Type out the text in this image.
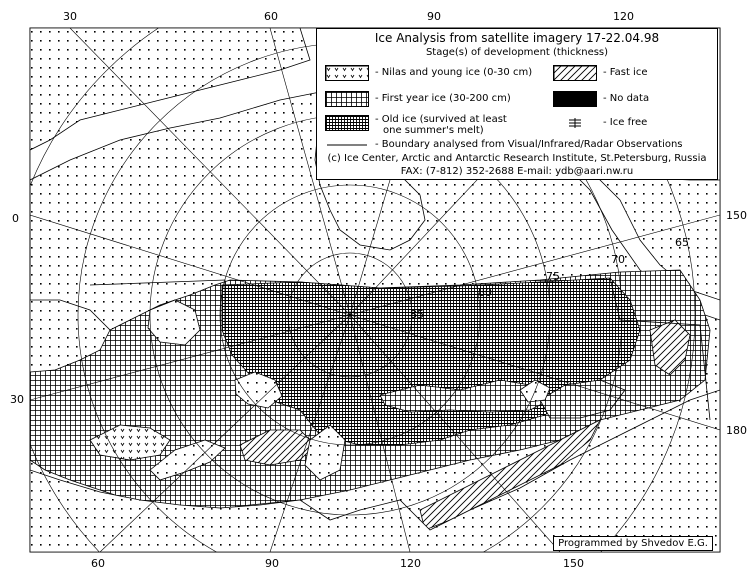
85
80
75
70
65
30	60	90	120
60	90	120	150
0
30
150
180
Ice Analysis from satellite imagery 17-22.04.98
Stage(s) of development (thickness)
- Nilas and young ice (0-30 cm)	- Fast ice
- First year ice (30-200 cm)	- No data
- Old ice (survived at least
one summer's melt)
- Ice free
- Boundary analysed from Visual/Infrared/Radar Observations
(c) Ice Center, Arctic and Antarctic Research Institute, St.Petersburg, Russia
FAX: (7-812) 352-2688 E-mail: ydb@aari.nw.ru
Programmed by Shvedov E.G.
